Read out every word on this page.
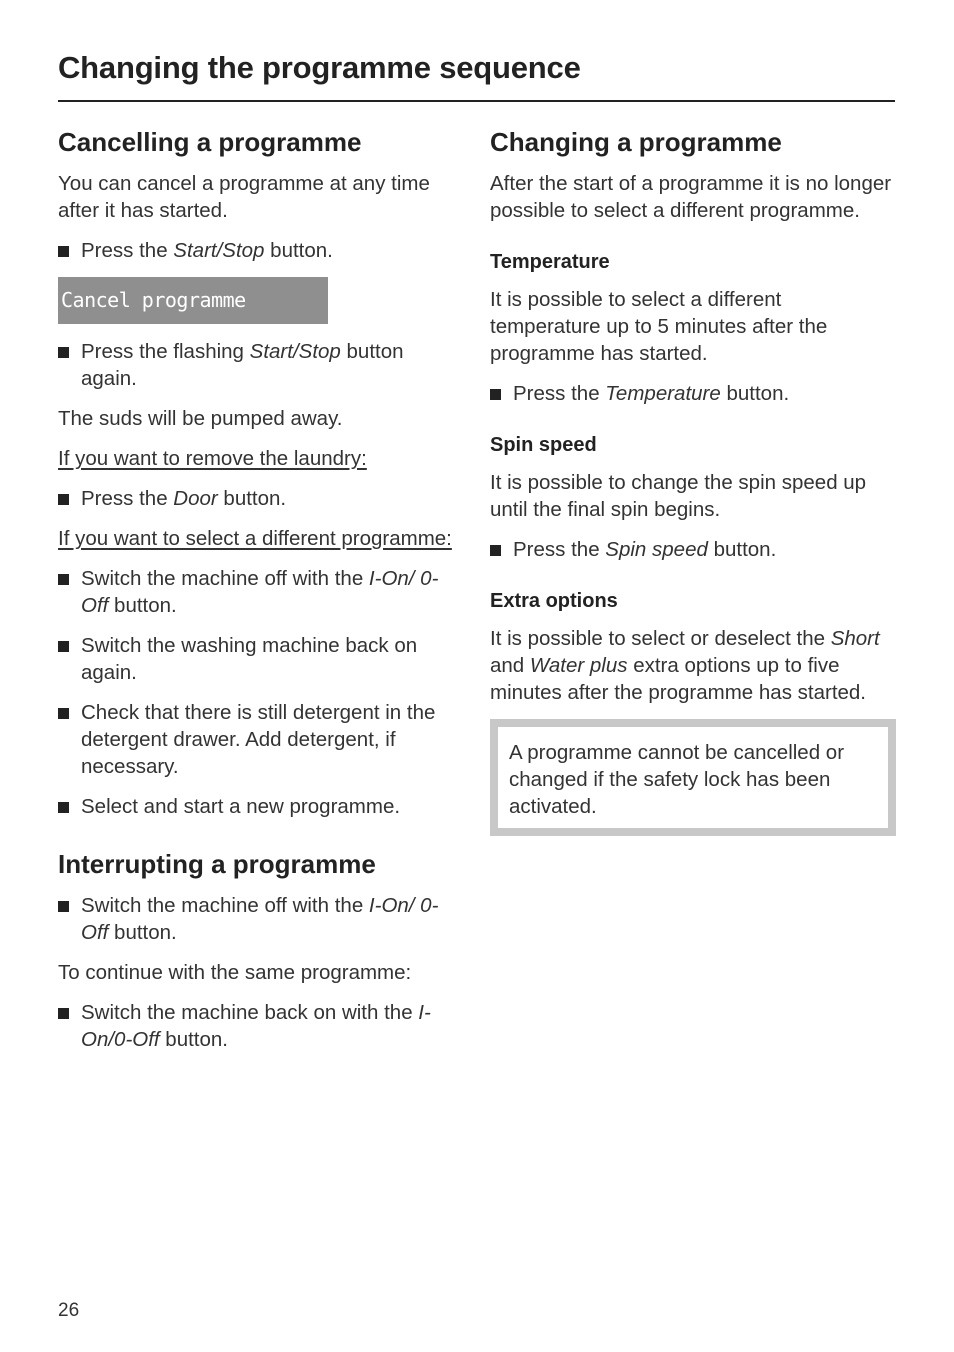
Changing the programme sequence
Cancelling a programme

You can cancel a programme at any time after it has started.

Press the Start/Stop button.
Cancel programme
Press the flashing Start/Stop button again.

The suds will be pumped away.

If you want to remove the laundry:

Press the Door button.

If you want to select a different programme:

Switch the machine off with the I-On/ 0-Off button.
Switch the washing machine back on again.
Check that there is still detergent in the detergent drawer. Add detergent, if necessary.
Select and start a new programme.
Interrupting a programme
Switch the machine off with the I-On/ 0-Off button.

To continue with the same programme:

Switch the machine back on with the I-On/0-Off button.
Changing a programme

After the start of a programme it is no longer possible to select a different programme.

Temperature

It is possible to select a different temperature up to 5 minutes after the programme has started.

Press the Temperature button.
Spin speed

It is possible to change the spin speed up until the final spin begins.

Press the Spin speed button.
Extra options

It is possible to select or deselect the Short and Water plus extra options up to five minutes after the programme has started.

A programme cannot be cancelled or changed if the safety lock has been activated.

26
